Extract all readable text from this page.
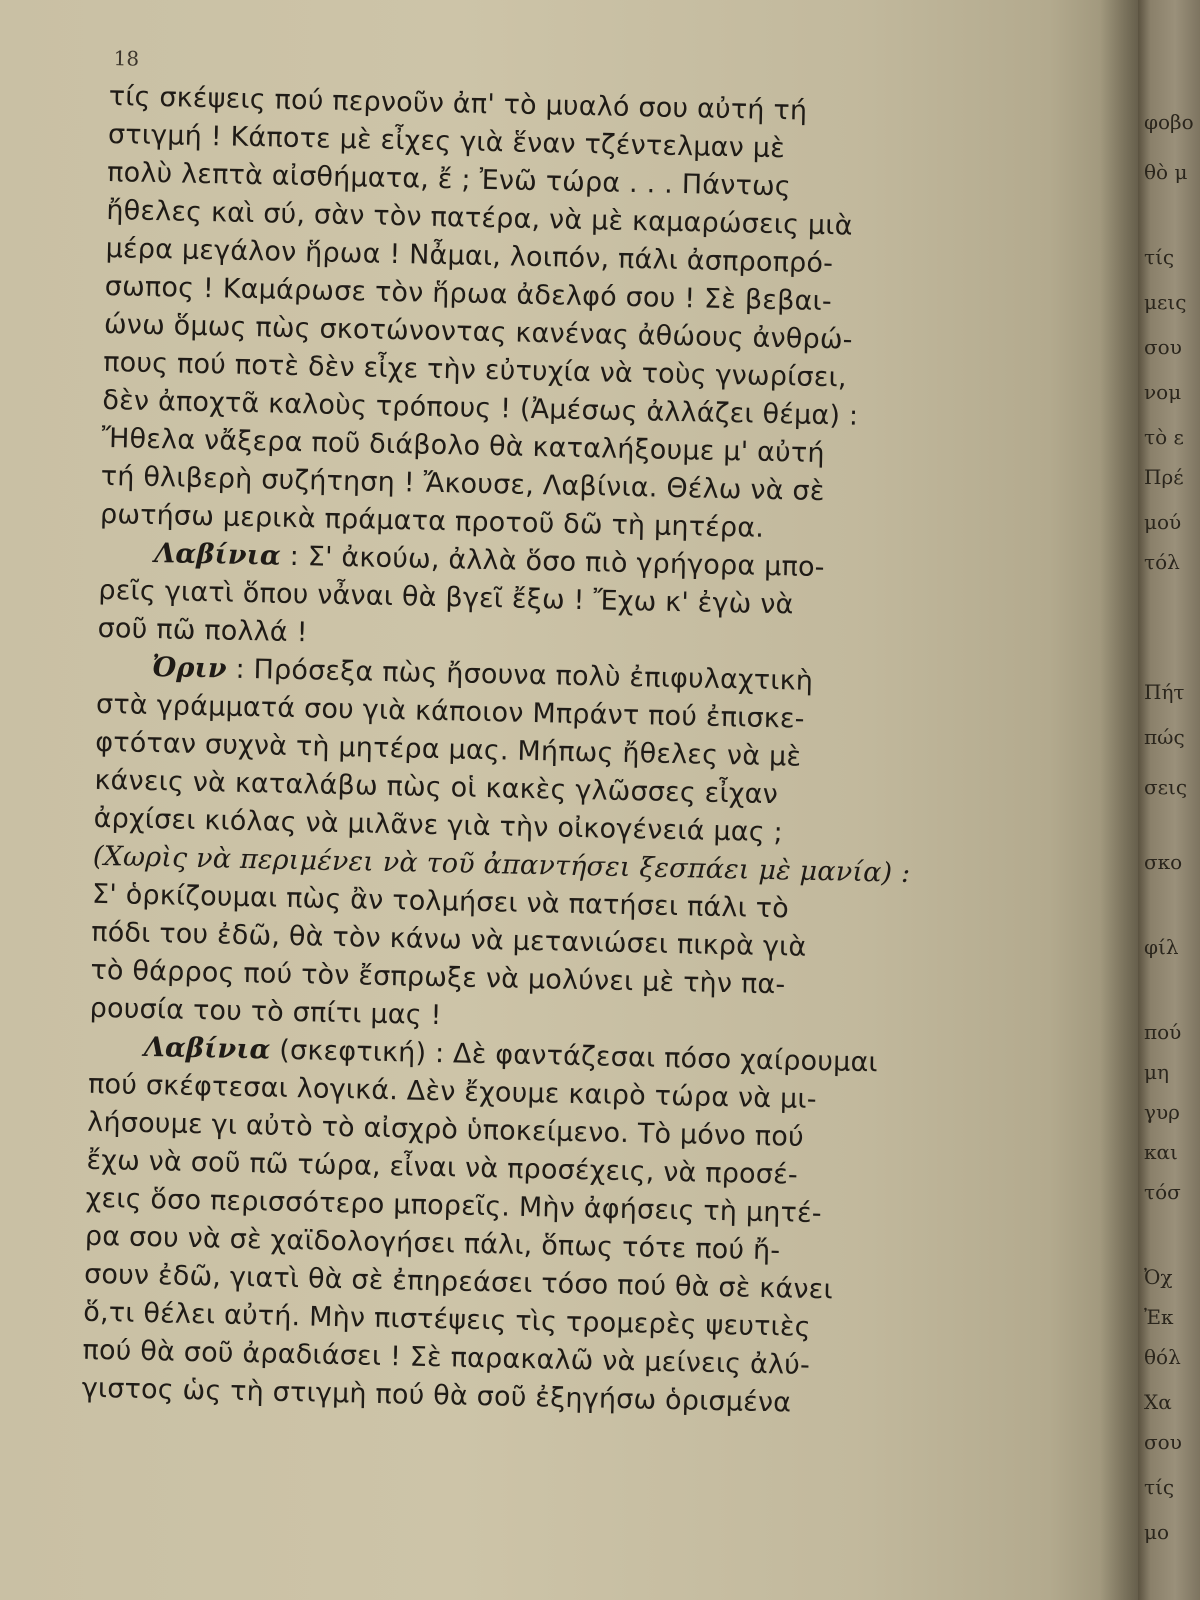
18
τίς σκέψεις πού περνοῦν ἀπ' τὸ μυαλό σου αὐτή τή
στιγμή ! Κάποτε μὲ εἶχες γιὰ ἕναν τζέντελμαν μὲ
πολὺ λεπτὰ αἰσθήματα, ἔ ; Ἐνῶ τώρα . . . Πάντως
ἤθελες καὶ σύ, σὰν τὸν πατέρα, νὰ μὲ καμαρώσεις μιὰ
μέρα μεγάλον ἥρωα ! Νἆμαι, λοιπόν, πάλι ἀσπροπρό-
σωπος ! Καμάρωσε τὸν ἥρωα ἀδελφό σου ! Σὲ βεβαι-
ώνω ὅμως πὼς σκοτώνοντας κανένας ἀθώους ἀνθρώ-
πους πού ποτὲ δὲν εἶχε τὴν εὐτυχία νὰ τοὺς γνωρίσει,
δὲν ἀποχτᾶ καλοὺς τρόπους ! (Ἀμέσως ἀλλάζει θέμα) :
Ἤθελα νἄξερα ποῦ διάβολο θὰ καταλήξουμε μ' αὐτή
τή θλιβερὴ συζήτηση ! Ἄκουσε, Λαβίνια. Θέλω νὰ σὲ
ρωτήσω μερικὰ πράματα προτοῦ δῶ τὴ μητέρα.
Λαβίνια : Σ' ἀκούω, ἀλλὰ ὅσο πιὸ γρήγορα μπο-
ρεῖς γιατὶ ὅπου νἆναι θὰ βγεῖ ἔξω ! Ἔχω κ' ἐγὼ νὰ
σοῦ πῶ πολλά !
Ὀριν : Πρόσεξα πὼς ἤσουνα πολὺ ἐπιφυλαχτικὴ
στὰ γράμματά σου γιὰ κάποιον Μπράντ πού ἐπισκε-
φτόταν συχνὰ τὴ μητέρα μας. Μήπως ἤθελες νὰ μὲ
κάνεις νὰ καταλάβω πὼς οἱ κακὲς γλῶσσες εἶχαν
ἀρχίσει κιόλας νὰ μιλᾶνε γιὰ τὴν οἰκογένειά μας ;
(Χωρὶς νὰ περιμένει νὰ τοῦ ἀπαντήσει ξεσπάει μὲ μανία) :
Σ' ὁρκίζουμαι πὼς ἂν τολμήσει νὰ πατήσει πάλι τὸ
πόδι του ἐδῶ, θὰ τὸν κάνω νὰ μετανιώσει πικρὰ γιὰ
τὸ θάρρος πού τὸν ἔσπρωξε νὰ μολύνει μὲ τὴν πα-
ρουσία του τὸ σπίτι μας !
Λαβίνια (σκεφτική) : Δὲ φαντάζεσαι πόσο χαίρουμαι
πού σκέφτεσαι λογικά. Δὲν ἔχουμε καιρὸ τώρα νὰ μι-
λήσουμε γι αὐτὸ τὸ αἰσχρὸ ὑποκείμενο. Τὸ μόνο πού
ἔχω νὰ σοῦ πῶ τώρα, εἶναι νὰ προσέχεις, νὰ προσέ-
χεις ὅσο περισσότερο μπορεῖς. Μὴν ἀφήσεις τὴ μητέ-
ρα σου νὰ σὲ χαϊδολογήσει πάλι, ὅπως τότε πού ἤ-
σουν ἐδῶ, γιατὶ θὰ σὲ ἐπηρεάσει τόσο πού θὰ σὲ κάνει
ὅ,τι θέλει αὐτή. Μὴν πιστέψεις τὶς τρομερὲς ψευτιὲς
πού θὰ σοῦ ἀραδιάσει ! Σὲ παρακαλῶ νὰ μείνεις ἀλύ-
γιστος ὡς τὴ στιγμὴ πού θὰ σοῦ ἐξηγήσω ὁρισμένα
φοβο
θὸ μ
τίς
μεις
σου
νομ
τὸ ε
Πρέ
μού
τόλ
Πήτ
πώς
σεις
σκο
φίλ
πού
μη
γυρ
και
τόσ
Ὀχ
Ἐκ
θόλ
Χα
σου
τίς
μο
